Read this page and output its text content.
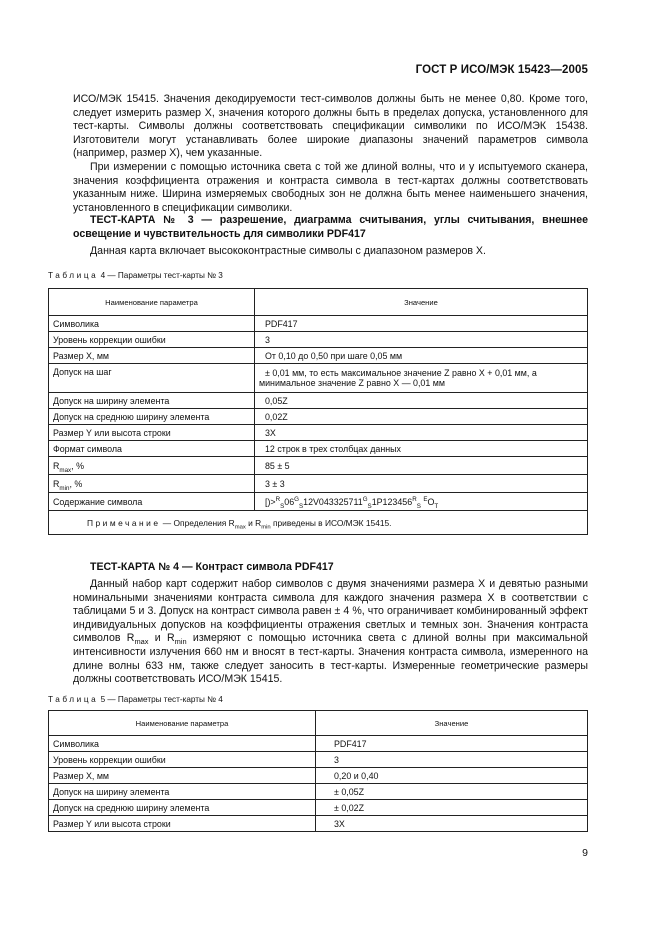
ГОСТ Р ИСО/МЭК 15423—2005

ИСО/МЭК 15415. Значения декодируемости тест-символов должны быть не менее 0,80. Кроме того, следует измерить размер X, значения которого должны быть в пределах допуска, установленного для тест-карты. Символы должны соответствовать спецификации символики по ИСО/МЭК 15438. Изготовители могут устанавливать более широкие диапазоны значений параметров символа (например, размер X), чем указанные.

При измерении с помощью источника света с той же длиной волны, что и у испытуемого сканера, значения коэффициента отражения и контраста символа в тест-картах должны соответствовать указанным ниже. Ширина измеряемых свободных зон не должна быть менее наименьшего значения, установленного в спецификации символики.

ТЕСТ-КАРТА № 3 — разрешение, диаграмма считывания, углы считывания, внешнее освещение и чувствительность для символики PDF417

Данная карта включает высококонтрастные символы с диапазоном размеров X.

Таблица 4 — Параметры тест-карты № 3
Наименование параметра	Значение
Символика	PDF417
Уровень коррекции ошибки	3
Размер X, мм	От 0,10 до 0,50 при шаге 0,05 мм
Допуск на шаг	± 0,01 мм, то есть максимальное значение Z равно X + 0,01 мм, а минимальное значение Z равно X — 0,01 мм
Допуск на ширину элемента	0,05Z
Допуск на среднюю ширину элемента	0,02Z
Размер Y или высота строки	3X
Формат символа	12 строк в трех столбцах данных
$R_{max}$, %	85 ± 5
$R_{min}$, %	3 ± 3
Содержание символа	$[)>^R_S06^G_S12V043325711^G_S1P123456^R_S$ $^EO_T$
Примечание — Определения $R_{max}$ и $R_{min}$ приведены в ИСО/МЭК 15415.	
ТЕСТ-КАРТА № 4 — Контраст символа PDF417

Данный набор карт содержит набор символов с двумя значениями размера X и девятью разными номинальными значениями контраста символа для каждого значения размера X в соответствии с таблицами 5 и 3. Допуск на контраст символа равен ± 4 %, что ограничивает комбинированный эффект индивидуальных допусков на коэффициенты отражения светлых и темных зон. Значения контраста символов $R_{max}$ и $R_{min}$ измеряют с помощью источника света с длиной волны при максимальной интенсивности излучения 660 нм и вносят в тест-карты. Значения контраста символа, измеренного на длине волны 633 нм, также следует заносить в тест-карты. Измеренные геометрические размеры должны соответствовать ИСО/МЭК 15415.

Таблица 5 — Параметры тест-карты № 4
Наименование параметра	Значение
Символика	PDF417
Уровень коррекции ошибки	3
Размер X, мм	0,20 и 0,40
Допуск на ширину элемента	± 0,05Z
Допуск на среднюю ширину элемента	± 0,02Z
Размер Y или высота строки	3X
9
